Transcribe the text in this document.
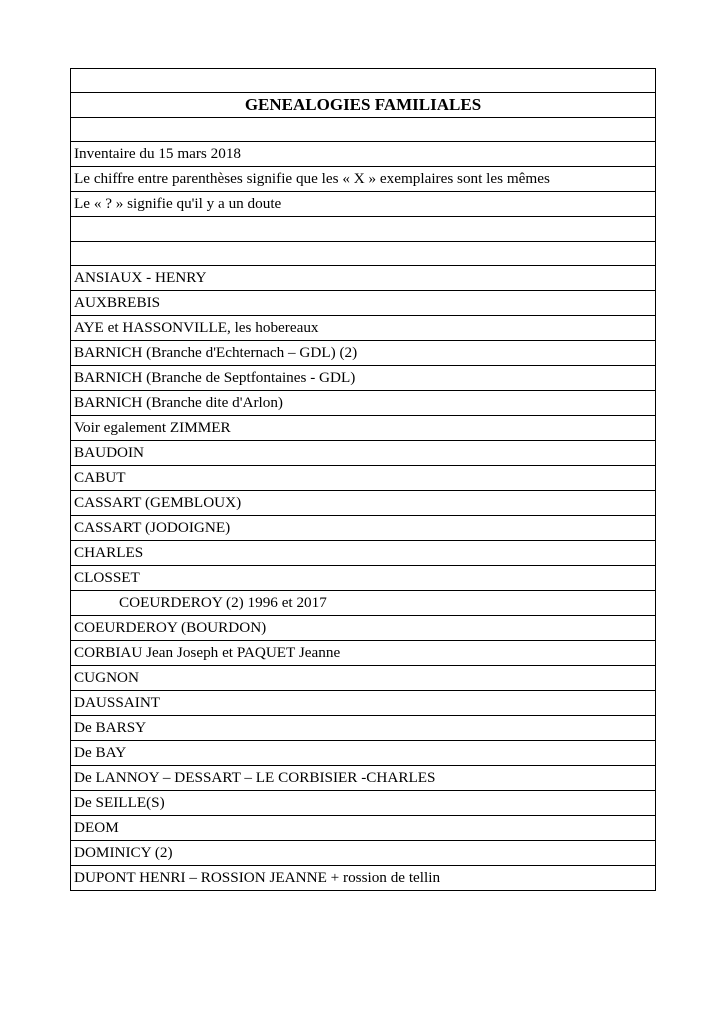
GENEALOGIES FAMILIALES

Inventaire du 15 mars 2018
Le chiffre entre parenthèses signifie que les « X » exemplaires sont les mêmes
Le « ? » signifie qu'il y a un doute

ANSIAUX - HENRY
AUXBREBIS
AYE et HASSONVILLE, les hobereaux
BARNICH (Branche d'Echternach – GDL) (2)
BARNICH (Branche de Septfontaines - GDL)
BARNICH (Branche dite d'Arlon)
Voir egalement ZIMMER
BAUDOIN
CABUT
CASSART (GEMBLOUX)
CASSART (JODOIGNE)
CHARLES
CLOSSET
COEURDEROY (2) 1996 et 2017
COEURDEROY (BOURDON)
CORBIAU Jean Joseph et PAQUET Jeanne
CUGNON
DAUSSAINT
De BARSY
De BAY
De LANNOY – DESSART – LE CORBISIER -CHARLES
De SEILLE(S)
DEOM
DOMINICY (2)
DUPONT HENRI – ROSSION JEANNE + rossion de tellin
